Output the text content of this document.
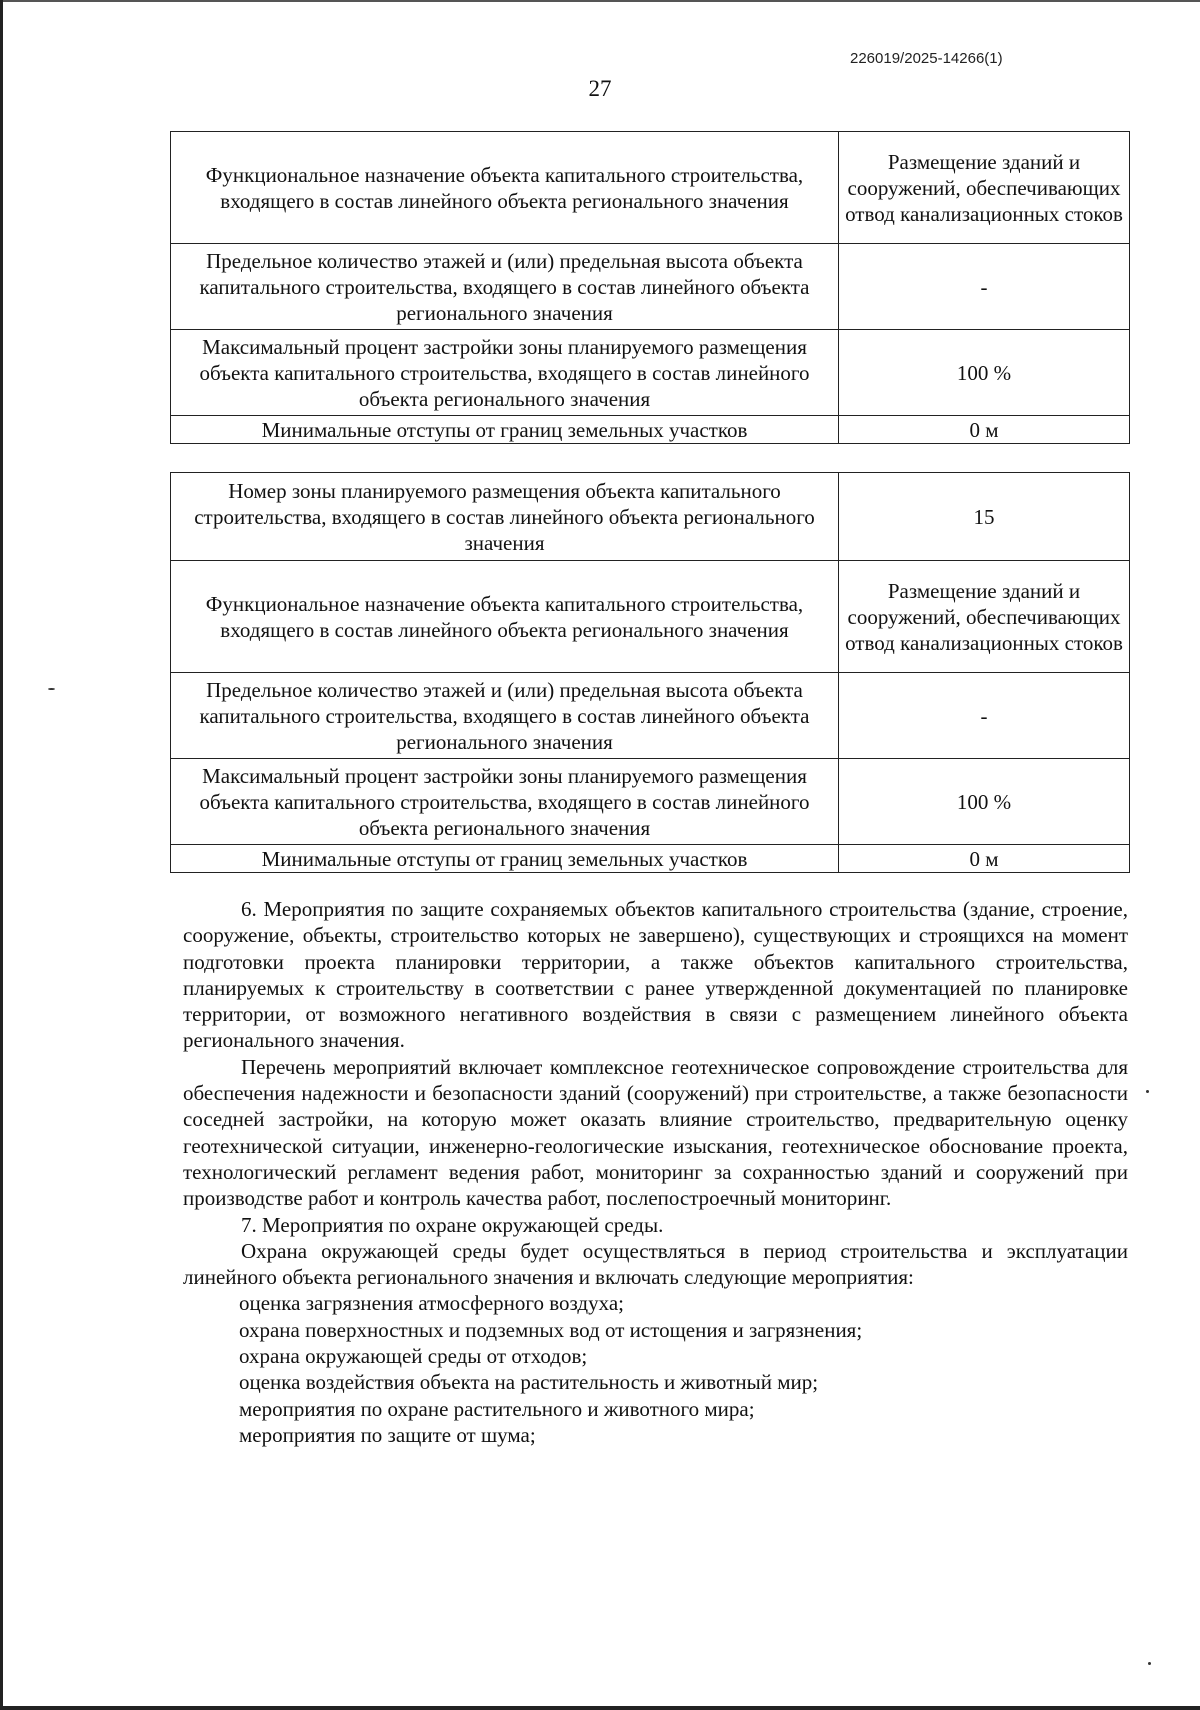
226019/2025-14266(1)
27
Функциональное назначение объекта капитального строительства, входящего в состав линейного объекта регионального значения	Размещение зданий и сооружений, обеспечивающих отвод канализационных стоков
Предельное количество этажей и (или) предельная высота объекта капитального строительства, входящего в состав линейного объекта регионального значения	-
Максимальный процент застройки зоны планируемого размещения объекта капитального строительства, входящего в состав линейного объекта регионального значения	100 %
Минимальные отступы от границ земельных участков	0 м
Номер зоны планируемого размещения объекта капитального строительства, входящего в состав линейного объекта регионального значения	15
Функциональное назначение объекта капитального строительства, входящего в состав линейного объекта регионального значения	Размещение зданий и сооружений, обеспечивающих отвод канализационных стоков
Предельное количество этажей и (или) предельная высота объекта капитального строительства, входящего в состав линейного объекта регионального значения	-
Максимальный процент застройки зоны планируемого размещения объекта капитального строительства, входящего в состав линейного объекта регионального значения	100 %
Минимальные отступы от границ земельных участков	0 м

6. Мероприятия по защите сохраняемых объектов капитального строительства (здание, строение, сооружение, объекты, строительство которых не завершено), существующих и строящихся на момент подготовки проекта планировки территории, а также объектов капитального строительства, планируемых к строительству в соответствии с ранее утвержденной документацией по планировке территории, от возможного негативного воздействия в связи с размещением линейного объекта регионального значения.

Перечень мероприятий включает комплексное геотехническое сопровождение строительства для обеспечения надежности и безопасности зданий (сооружений) при строительстве, а также безопасности соседней застройки, на которую может оказать влияние строительство, предварительную оценку геотехнической ситуации, инженерно-геологические изыскания, геотехническое обоснование проекта, технологический регламент ведения работ, мониторинг за сохранностью зданий и сооружений при производстве работ и контроль качества работ, послепостроечный мониторинг.

7. Мероприятия по охране окружающей среды.

Охрана окружающей среды будет осуществляться в период строительства и эксплуатации линейного объекта регионального значения и включать следующие мероприятия:

оценка загрязнения атмосферного воздуха;

охрана поверхностных и подземных вод от истощения и загрязнения;

охрана окружающей среды от отходов;

оценка воздействия объекта на растительность и животный мир;

мероприятия по охране растительного и животного мира;

мероприятия по защите от шума;
